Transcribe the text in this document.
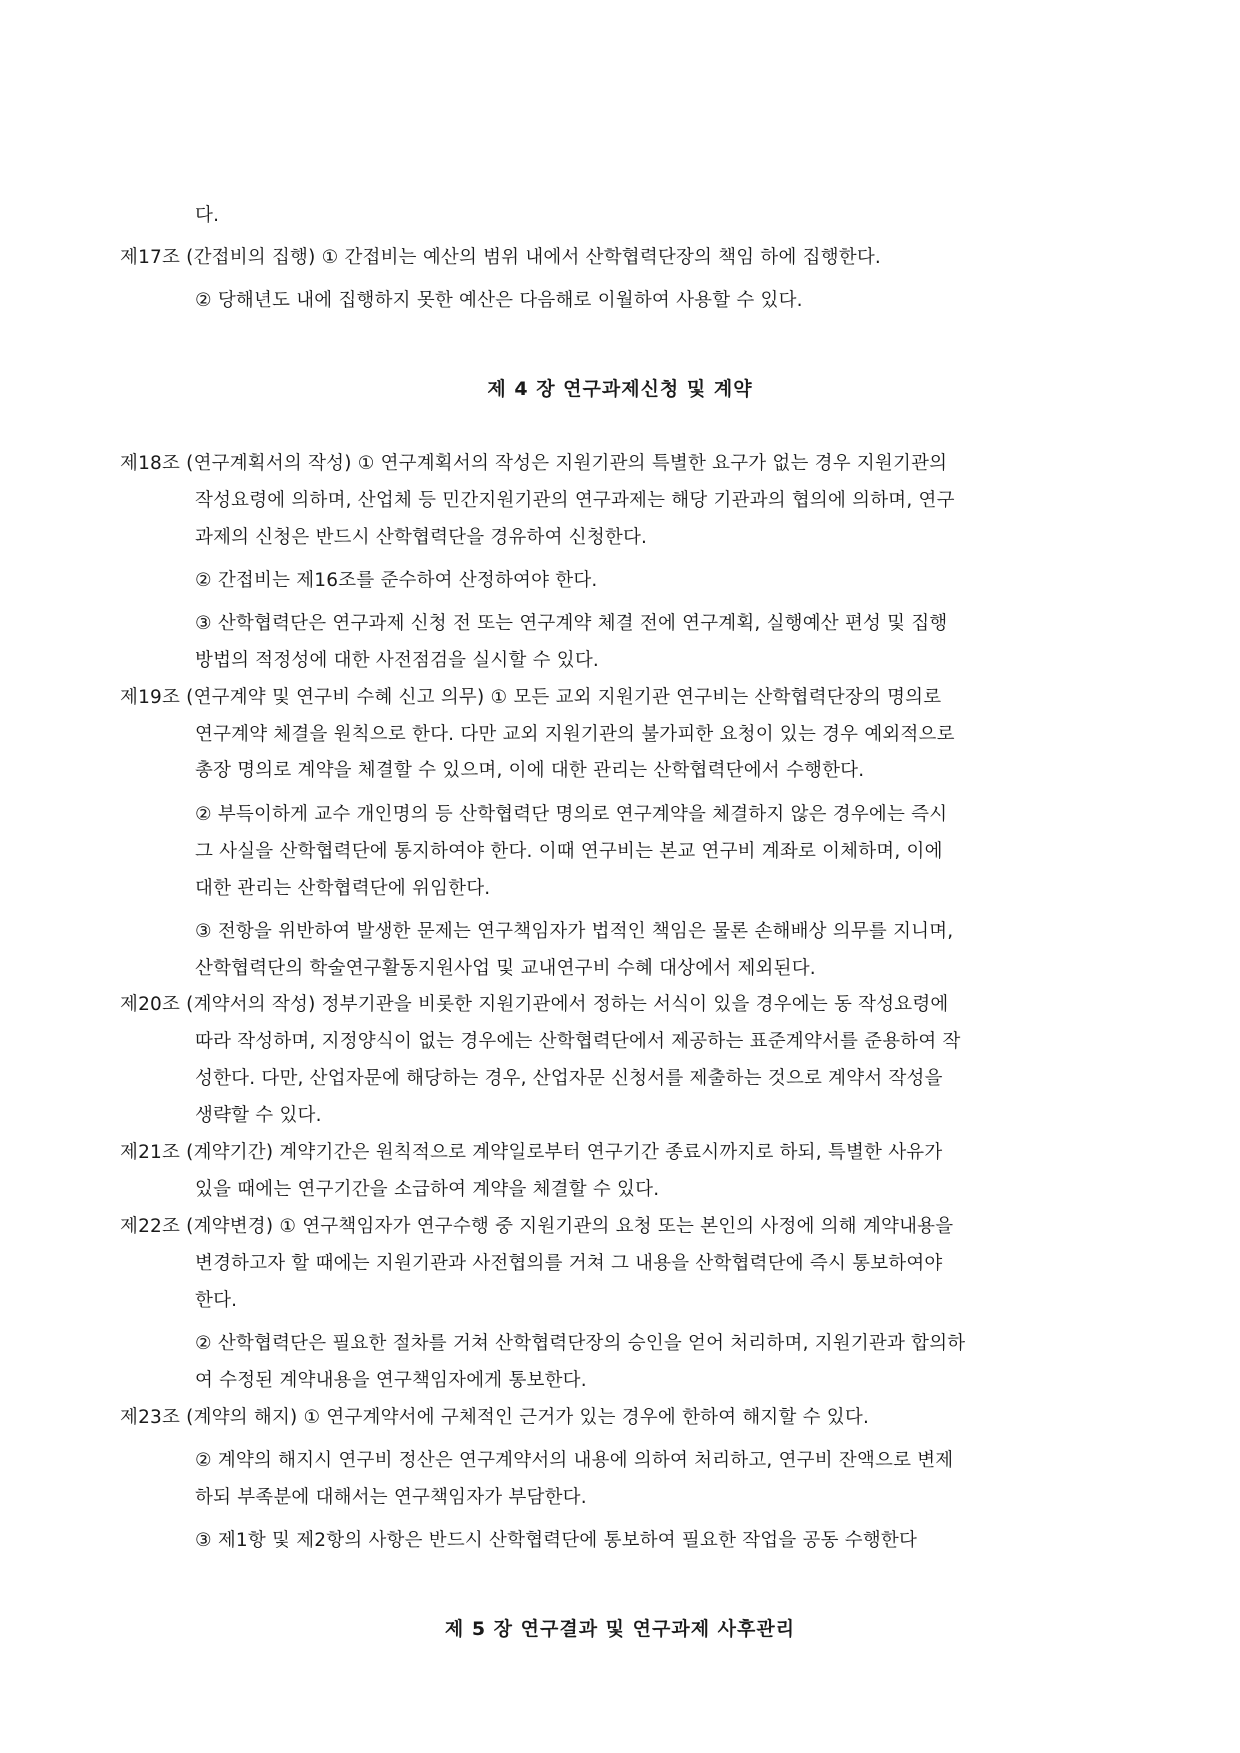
다.
제17조 (간접비의 집행) ① 간접비는 예산의 범위 내에서 산학협력단장의 책임 하에 집행한다.
② 당해년도 내에 집행하지 못한 예산은 다음해로 이월하여 사용할 수 있다.
제 4 장 연구과제신청 및 계약
제18조 (연구계획서의 작성) ① 연구계획서의 작성은 지원기관의 특별한 요구가 없는 경우 지원기관의
작성요령에 의하며, 산업체 등 민간지원기관의 연구과제는 해당 기관과의 협의에 의하며, 연구
과제의 신청은 반드시 산학협력단을 경유하여 신청한다.
② 간접비는 제16조를 준수하여 산정하여야 한다.
③ 산학협력단은 연구과제 신청 전 또는 연구계약 체결 전에 연구계획, 실행예산 편성 및 집행
방법의 적정성에 대한 사전점검을 실시할 수 있다.
제19조 (연구계약 및 연구비 수혜 신고 의무) ① 모든 교외 지원기관 연구비는 산학협력단장의 명의로
연구계약 체결을 원칙으로 한다. 다만 교외 지원기관의 불가피한 요청이 있는 경우 예외적으로
총장 명의로 계약을 체결할 수 있으며, 이에 대한 관리는 산학협력단에서 수행한다.
② 부득이하게 교수 개인명의 등 산학협력단 명의로 연구계약을 체결하지 않은 경우에는 즉시
그 사실을 산학협력단에 통지하여야 한다. 이때 연구비는 본교 연구비 계좌로 이체하며, 이에
대한 관리는 산학협력단에 위임한다.
③ 전항을 위반하여 발생한 문제는 연구책임자가 법적인 책임은 물론 손해배상 의무를 지니며,
산학협력단의 학술연구활동지원사업 및 교내연구비 수혜 대상에서 제외된다.
제20조 (계약서의 작성) 정부기관을 비롯한 지원기관에서 정하는 서식이 있을 경우에는 동 작성요령에
따라 작성하며, 지정양식이 없는 경우에는 산학협력단에서 제공하는 표준계약서를 준용하여 작
성한다. 다만, 산업자문에 해당하는 경우, 산업자문 신청서를 제출하는 것으로 계약서 작성을
생략할 수 있다.
제21조 (계약기간) 계약기간은 원칙적으로 계약일로부터 연구기간 종료시까지로 하되, 특별한 사유가
있을 때에는 연구기간을 소급하여 계약을 체결할 수 있다.
제22조 (계약변경) ① 연구책임자가 연구수행 중 지원기관의 요청 또는 본인의 사정에 의해 계약내용을
변경하고자 할 때에는 지원기관과 사전협의를 거쳐 그 내용을 산학협력단에 즉시 통보하여야
한다.
② 산학협력단은 필요한 절차를 거쳐 산학협력단장의 승인을 얻어 처리하며, 지원기관과 합의하
여 수정된 계약내용을 연구책임자에게 통보한다.
제23조 (계약의 해지) ① 연구계약서에 구체적인 근거가 있는 경우에 한하여 해지할 수 있다.
② 계약의 해지시 연구비 정산은 연구계약서의 내용에 의하여 처리하고, 연구비 잔액으로 변제
하되 부족분에 대해서는 연구책임자가 부담한다.
③ 제1항 및 제2항의 사항은 반드시 산학협력단에 통보하여 필요한 작업을 공동 수행한다
제 5 장 연구결과 및 연구과제 사후관리
